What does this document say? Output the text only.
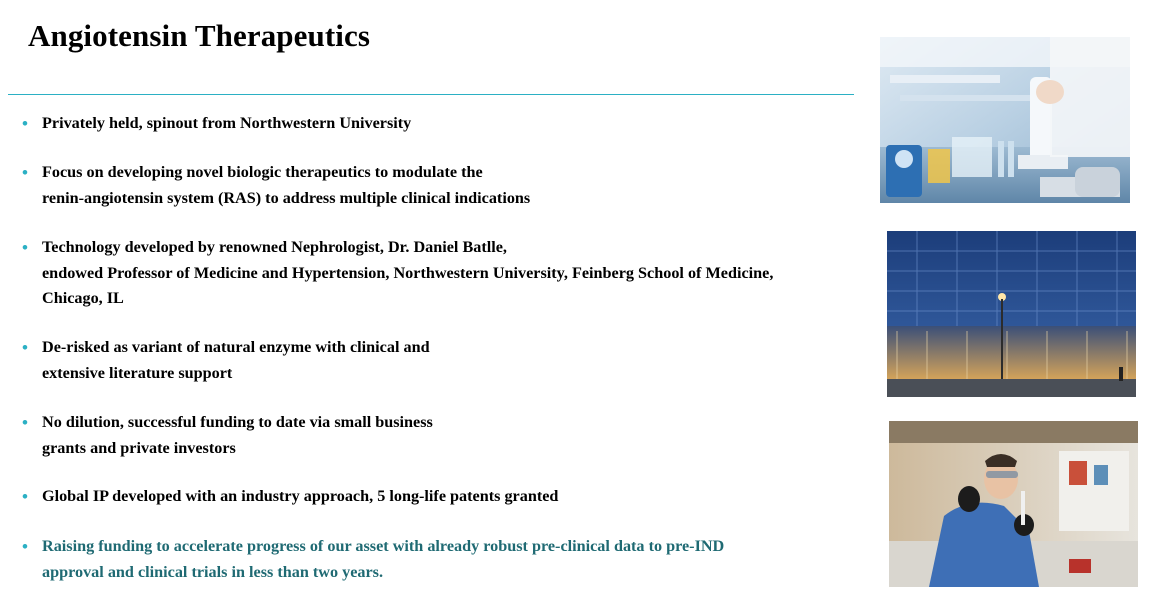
Angiotensin Therapeutics
• Privately held, spinout from Northwestern University
• Focus on developing novel biologic therapeutics to modulate the
renin-angiotensin system (RAS) to address multiple clinical indications
• Technology developed by renowned Nephrologist, Dr. Daniel Batlle,
endowed Professor of Medicine and Hypertension, Northwestern University, Feinberg School of Medicine,
Chicago, IL
• De-risked as variant of natural enzyme with clinical and
extensive literature support
• No dilution, successful funding to date via small business
grants and private investors
• Global IP developed with an industry approach, 5 long-life patents granted
• Raising funding to accelerate progress of our asset with already robust pre-clinical data to pre-IND
approval and clinical trials in less than two years.
